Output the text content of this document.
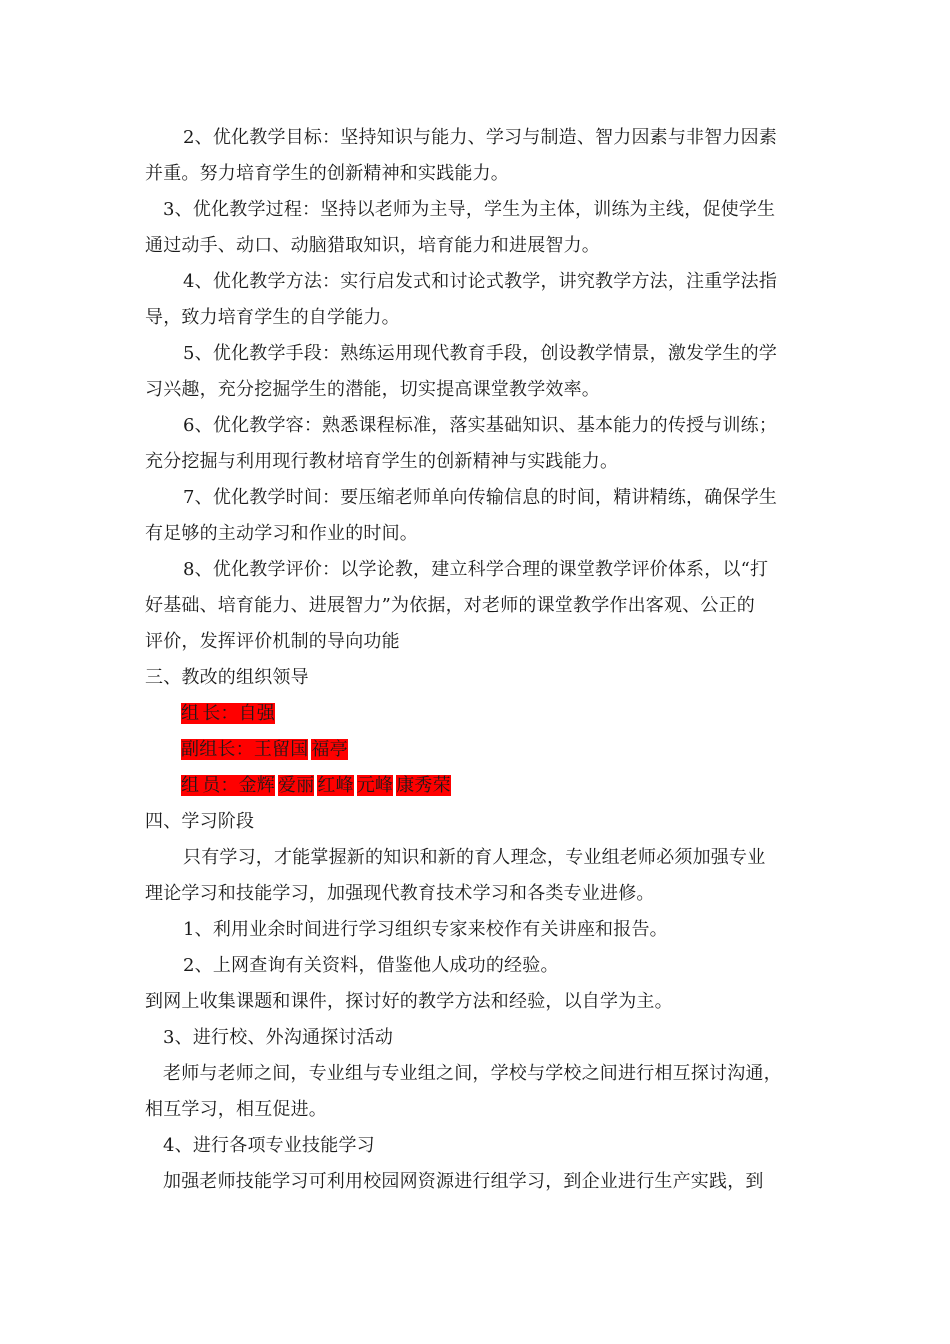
2、优化教学目标：坚持知识与能力、学习与制造、智力因素与非智力因素
并重。努力培育学生的创新精神和实践能力。
3、优化教学过程：坚持以老师为主导，学生为主体，训练为主线，促使学生
通过动手、动口、动脑猎取知识，培育能力和进展智力。
4、优化教学方法：实行启发式和讨论式教学，讲究教学方法，注重学法指
导，致力培育学生的自学能力。
5、优化教学手段：熟练运用现代教育手段，创设教学情景，激发学生的学
习兴趣，充分挖掘学生的潜能，切实提高课堂教学效率。
6、优化教学容：熟悉课程标准，落实基础知识、基本能力的传授与训练；
充分挖掘与利用现行教材培育学生的创新精神与实践能力。
7、优化教学时间：要压缩老师单向传输信息的时间，精讲精练，确保学生
有足够的主动学习和作业的时间。
8、优化教学评价：以学论教，建立科学合理的课堂教学评价体系，以“打
好基础、培育能力、进展智力”为依据，对老师的课堂教学作出客观、公正的
评价，发挥评价机制的导向功能
三、教改的组织领导
组 长：自强
副组长：王留国 福亭
组 员：金辉 爱丽 红峰 元峰 康秀荣
四、学习阶段
只有学习，才能掌握新的知识和新的育人理念，专业组老师必须加强专业
理论学习和技能学习，加强现代教育技术学习和各类专业进修。
1、利用业余时间进行学习组织专家来校作有关讲座和报告。
2、上网查询有关资料，借鉴他人成功的经验。
到网上收集课题和课件，探讨好的教学方法和经验，以自学为主。
3、进行校、外沟通探讨活动
老师与老师之间，专业组与专业组之间，学校与学校之间进行相互探讨沟通，
相互学习，相互促进。
4、进行各项专业技能学习
加强老师技能学习可利用校园网资源进行组学习，到企业进行生产实践，到
